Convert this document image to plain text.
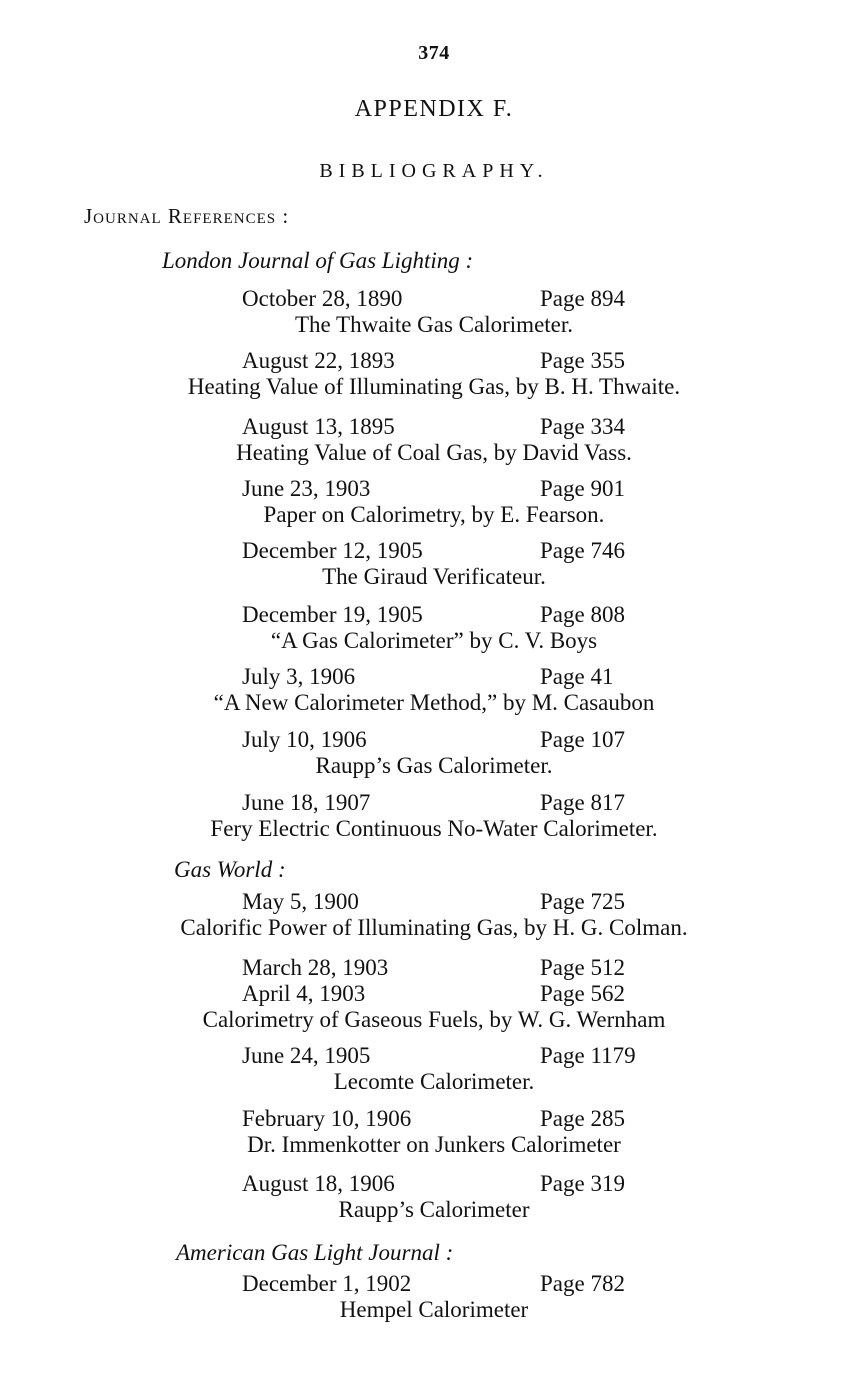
374
APPENDIX F.
BIBLIOGRAPHY.
Journal References :
London Journal of Gas Lighting :
October 28, 1890	Page 894
The Thwaite Gas Calorimeter.
August 22, 1893	Page 355
Heating Value of Illuminating Gas, by B. H. Thwaite.
August 13, 1895	Page 334
Heating Value of Coal Gas, by David Vass.
June 23, 1903	Page 901
Paper on Calorimetry, by E. Fearson.
December 12, 1905	Page 746
The Giraud Verificateur.
December 19, 1905	Page 808
“A Gas Calorimeter” by C. V. Boys
July 3, 1906	Page 41
“A New Calorimeter Method,” by M. Casaubon
July 10, 1906	Page 107
Raupp’s Gas Calorimeter.
June 18, 1907	Page 817
Fery Electric Continuous No-Water Calorimeter.
Gas World :
May 5, 1900	Page 725
Calorific Power of Illuminating Gas, by H. G. Colman.
March 28, 1903	Page 512
April 4, 1903	Page 562
Calorimetry of Gaseous Fuels, by W. G. Wernham
June 24, 1905	Page 1179
Lecomte Calorimeter.
February 10, 1906	Page 285
Dr. Immenkotter on Junkers Calorimeter
August 18, 1906	Page 319
Raupp’s Calorimeter
American Gas Light Journal :
December 1, 1902	Page 782
Hempel Calorimeter
